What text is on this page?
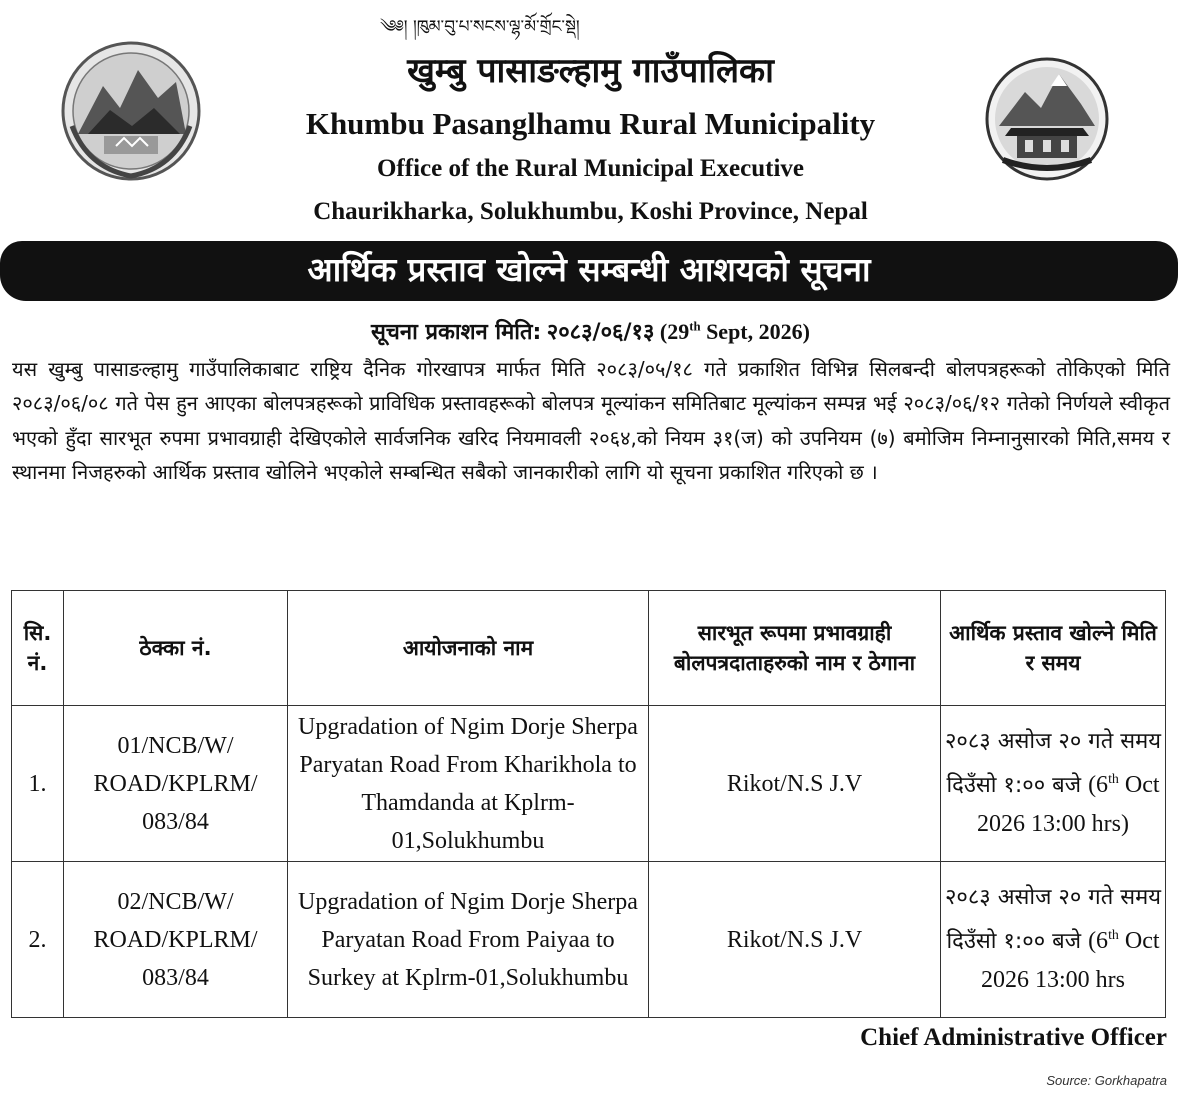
༄༅། །ཁུམ་བུ་པ་སངས་ལྷ་མོ་གྲོང་སྡེ།
खुम्बु पासाङल्हामु गाउँपालिका
Khumbu Pasanglhamu Rural Municipality
Office of the Rural Municipal Executive
Chaurikharka, Solukhumbu, Koshi Province, Nepal
आर्थिक प्रस्ताव खोल्ने सम्बन्धी आशयको सूचना
सूचना प्रकाशन मिति: २०८३/०६/१३ (29th Sept, 2026)
यस खुम्बु पासाङल्हामु गाउँपालिकाबाट राष्ट्रिय दैनिक गोरखापत्र मार्फत मिति २०८३/०५/१८ गते प्रकाशित विभिन्न सिलबन्दी बोलपत्रहरूको तोकिएको मिति २०८३/०६/०८ गते पेस हुन आएका बोलपत्रहरूको प्राविधिक प्रस्तावहरूको बोलपत्र मूल्यांकन समितिबाट मूल्यांकन सम्पन्न भई २०८३/०६/१२ गतेको निर्णयले स्वीकृत भएको हुँदा सारभूत रुपमा प्रभावग्राही देखिएकोले सार्वजनिक खरिद नियमावली २०६४,को नियम ३१(ज) को उपनियम (७) बमोजिम निम्नानुसारको मिति,समय र स्थानमा निजहरुको आर्थिक प्रस्ताव खोलिने भएकोले सम्बन्धित सबैको जानकारीको लागि यो सूचना प्रकाशित गरिएको छ ।
सि. नं.	ठेक्का नं.	आयोजनाको नाम	सारभूत रूपमा प्रभावग्राही बोलपत्रदाताहरुको नाम र ठेगाना	आर्थिक प्रस्ताव खोल्ने मिति र समय
1.	01/NCB/W/ ROAD/KPLRM/ 083/84	Upgradation of Ngim Dorje Sherpa Paryatan Road From Kharikhola to Thamdanda at Kplrm-01,Solukhumbu	Rikot/N.S J.V	२०८३ असोज २० गते समय दिउँसो १:०० बजे (6th Oct 2026 13:00 hrs)
2.	02/NCB/W/ ROAD/KPLRM/ 083/84	Upgradation of Ngim Dorje Sherpa Paryatan Road From Paiyaa to Surkey at Kplrm-01,Solukhumbu	Rikot/N.S J.V	२०८३ असोज २० गते समय दिउँसो १:०० बजे (6th Oct 2026 13:00 hrs
Chief Administrative Officer
Source: Gorkhapatra
